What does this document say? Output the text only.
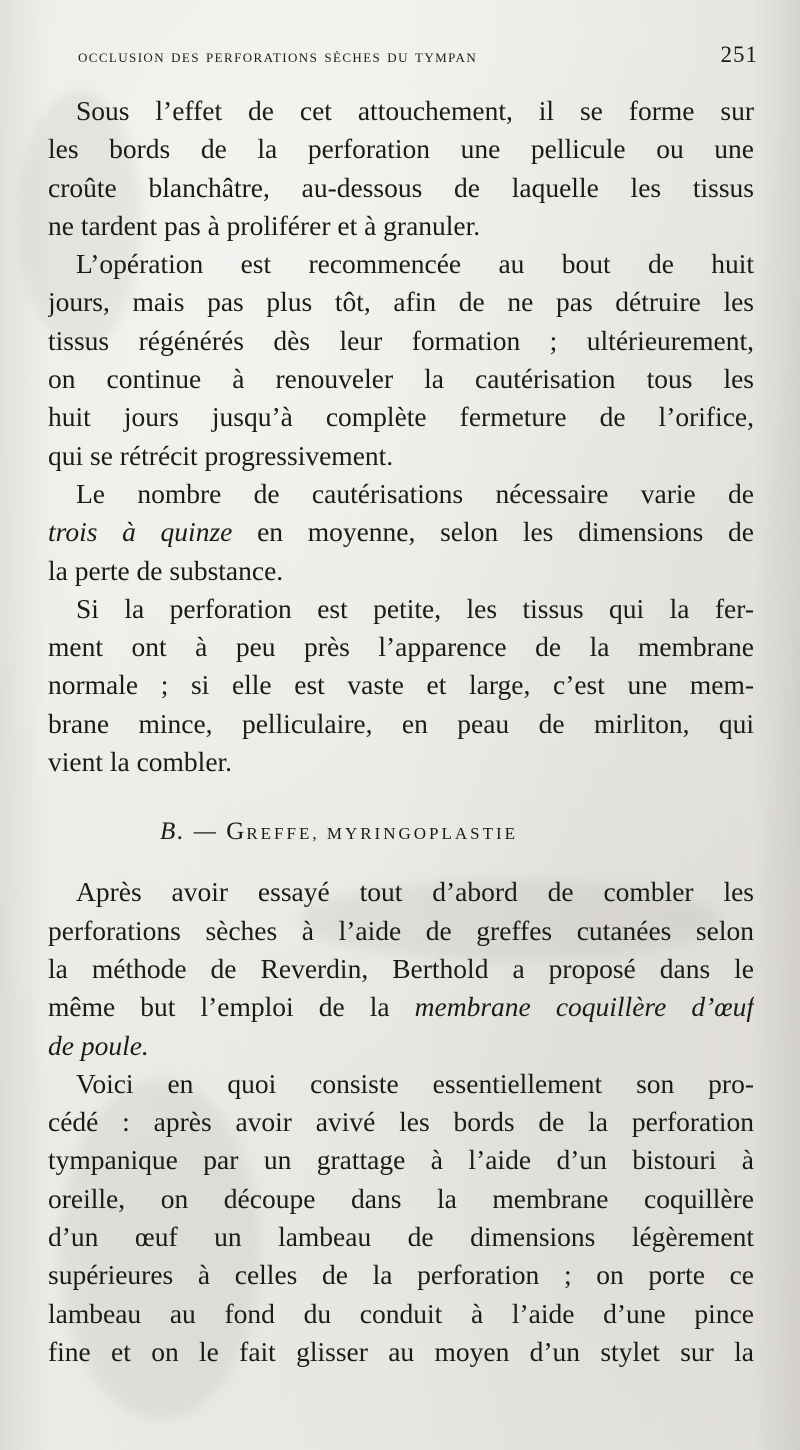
occlusion des perforations sèches du tympan	251
Sous l’effet de cet attouchement, il se forme sur
les bords de la perforation une pellicule ou une
croûte blanchâtre, au-dessous de laquelle les tissus
ne tardent pas à proliférer et à granuler.
L’opération est recommencée au bout de huit
jours, mais pas plus tôt, afin de ne pas détruire les
tissus régénérés dès leur formation ; ultérieurement,
on continue à renouveler la cautérisation tous les
huit jours jusqu’à complète fermeture de l’orifice,
qui se rétrécit progressivement.
Le nombre de cautérisations nécessaire varie de
trois à quinze en moyenne, selon les dimensions de
la perte de substance.
Si la perforation est petite, les tissus qui la fer-
ment ont à peu près l’apparence de la membrane
normale ; si elle est vaste et large, c’est une mem-
brane mince, pelliculaire, en peau de mirliton, qui
vient la combler.
B. — GREFFE, MYRINGOPLASTIE
Après avoir essayé tout d’abord de combler les
perforations sèches à l’aide de greffes cutanées selon
la méthode de Reverdin, Berthold a proposé dans le
même but l’emploi de la membrane coquillère d’œuf
de poule.
Voici en quoi consiste essentiellement son pro-
cédé : après avoir avivé les bords de la perforation
tympanique par un grattage à l’aide d’un bistouri à
oreille, on découpe dans la membrane coquillère
d’un œuf un lambeau de dimensions légèrement
supérieures à celles de la perforation ; on porte ce
lambeau au fond du conduit à l’aide d’une pince
fine et on le fait glisser au moyen d’un stylet sur la
